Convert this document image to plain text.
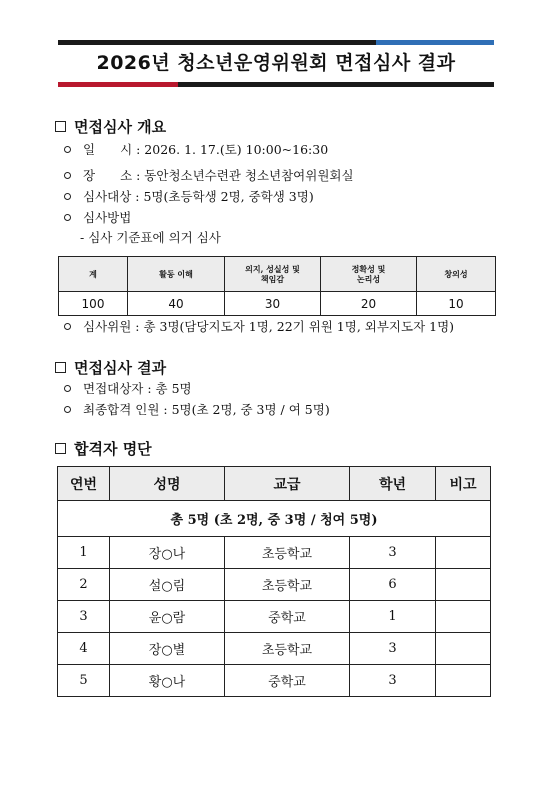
2026년 청소년운영위원회 면접심사 결과
면접심사 개요
일　　시 : 2026. 1. 17.(토) 10:00~16:30
장　　소 : 동안청소년수련관 청소년참여위원회실
심사대상 : 5명(초등학생 2명, 중학생 3명)
심사방법
- 심사 기준표에 의거 심사
계	활동 이해	의지, 성실성 및
책임감	정확성 및
논리성	창의성
100	40	30	20	10
심사위원 : 총 3명(담당지도자 1명, 22기 위원 1명, 외부지도자 1명)
면접심사 결과
면접대상자 : 총 5명
최종합격 인원 : 5명(초 2명, 중 3명 / 여 5명)
합격자 명단
연번	성명	교급	학년	비고
총 5명 (초 2명, 중 3명 / 청여 5명)				
1	장○나	초등학교	3	
2	설○림	초등학교	6	
3	윤○람	중학교	1	
4	장○별	초등학교	3	
5	황○나	중학교	3	
